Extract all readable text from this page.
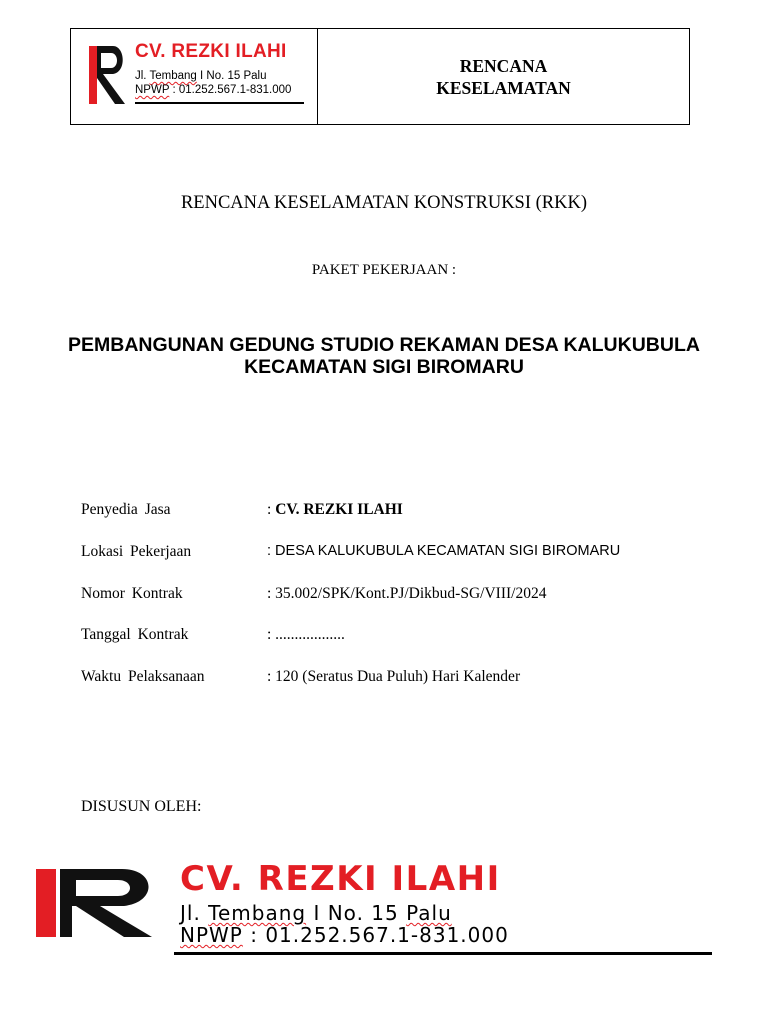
CV. REZKI ILAHI
Jl. Tembang I No. 15 Palu
NPWP : 01.252.567.1-831.000
RENCANA
KESELAMATAN
RENCANA KESELAMATAN KONSTRUKSI (RKK)
PAKET PEKERJAAN :
PEMBANGUNAN GEDUNG STUDIO REKAMAN DESA KALUKUBULA
KECAMATAN SIGI BIROMARU
Penyedia Jasa	: CV. REZKI ILAHI
Lokasi Pekerjaan	: DESA KALUKUBULA KECAMATAN SIGI BIROMARU
Nomor Kontrak	: 35.002/SPK/Kont.PJ/Dikbud-SG/VIII/2024
Tanggal Kontrak	: ..................
Waktu Pelaksanaan	: 120 (Seratus Dua Puluh) Hari Kalender
DISUSUN OLEH:
CV. REZKI ILAHI
Jl. Tembang I No. 15 Palu
NPWP : 01.252.567.1-831.000
